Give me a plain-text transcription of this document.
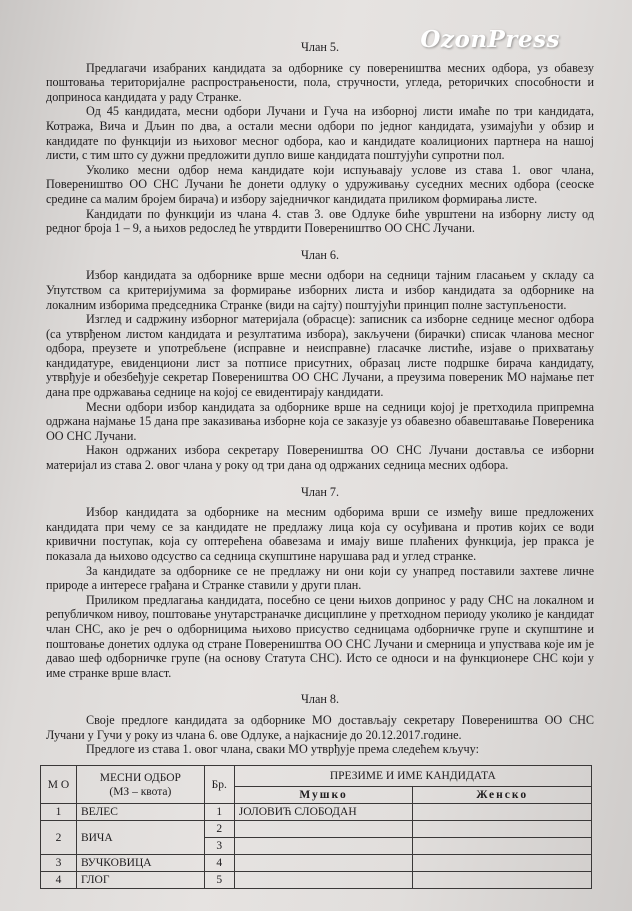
OzonPress
Члан 5.

Предлагачи изабраних кандидата за одборнике су повереништва месних одбора, уз обавезу поштовања територијалне распрострањености, пола, стручности, угледа, реторичких способности и доприноса кандидата у раду Странке.

Од 45 кандидата, месни одбори Лучани и Гуча на изборној листи имаће по три кандидата, Котража, Вича и Дљин по два, а остали месни одбори по једног кандидата, узимајући у обзир и кандидате по функцији из њиховог месног одбора, као и кандидате коалиционих партнера на нашој листи, с тим што су дужни предложити дупло више кандидата поштујући супротни пол.

Уколико месни одбор нема кандидате који испуњавају услове из става 1. овог члана, Повереништво ОО СНС Лучани ће донети одлуку о удруживању суседних месних одбора (сеоске средине са малим бројем бирача) и избору заједничког кандидата приликом формирања листе.

Кандидати по функцији из члана 4. став 3. ове Одлуке биће уврштени на изборну листу од редног броја 1 – 9, а њихов редослед ће утврдити Повереништво ОО СНС Лучани.

Члан 6.

Избор кандидата за одборнике врше месни одбори на седници тајним гласањем у складу са Упутством са критеријумима за формирање изборних листа и избор кандидата за одборнике на локалним изборима председника Странке (види на сајту) поштујући принцип полне заступљености.

Изглед и садржину изборног материјала (обрасце): записник са изборне седнице месног одбора (са утврђеном листом кандидата и резултатима избора), закључени (бирачки) списак чланова месног одбора, преузете и употребљене (исправне и неисправне) гласачке листиће, изјаве о прихватању кандидатуре, евиденциони лист за потписе присутних, образац листе подршке бирача кандидату, утврђује и обезбеђује секретар Повереништва ОО СНС Лучани, а преузима повереник МО најмање пет дана пре одржавања седнице на којој се евидентирају кандидати.

Месни одбори избор кандидата за одборнике врше на седници којој је претходила припремна одржана најмање 15 дана пре заказивања изборне која се заказује уз обавезно обавештавање Повереника ОО СНС Лучани.

Након одржаних избора секретару Повереништва ОО СНС Лучани доставља се изборни материјал из става 2. овог члана у року од три дана од одржаних седница месних одбора.

Члан 7.

Избор кандидата за одборнике на месним одборима врши се између више предложених кандидата при чему се за кандидате не предлажу лица која су осуђивана и против којих се води кривични поступак, која су оптерећена обавезама и имају више плаћених функција, јер пракса је показала да њихово одсуство са седница скупштине нарушава рад и углед странке.

За кандидате за одборнике се не предлажу ни они који су унапред поставили захтеве личне природе а интересе грађана и Странке ставили у други план.

Приликом предлагања кандидата, посебно се цени њихов допринос у раду СНС на локалном и републичком нивоу, поштовање унутарстраначке дисциплине у претходном периоду уколико је кандидат члан СНС, ако је реч о одборницима њихово присуство седницама одборничке групе и скупштине и поштовање донетих одлука од стране Повереништва ОО СНС Лучани и смерница и упуствава које им је давао шеф одборничке групе (на основу Статута СНС). Исто се односи и на функционере СНС који у име странке врше власт.

Члан 8.

Своје предлоге кандидата за одборнике МО достављају секретару Повереништва ОО СНС Лучани у Гучи у року из члана 6. ове Одлуке, а најкасније до 20.12.2017.године.

Предлоге из става 1. овог члана, сваки МО утврђује према следећем кључу:

М О	МЕСНИ ОДБОР
(МЗ – квота)	Бр.	ПРЕЗИМЕ И ИМЕ КАНДИДАТА	
			Мушко	Женско
1	ВЕЛЕС	1	ЈОЛОВИЋ СЛОБОДАН	
2	ВИЧА	2		
		3		
3	ВУЧКОВИЦА	4		
4	ГЛОГ	5		
